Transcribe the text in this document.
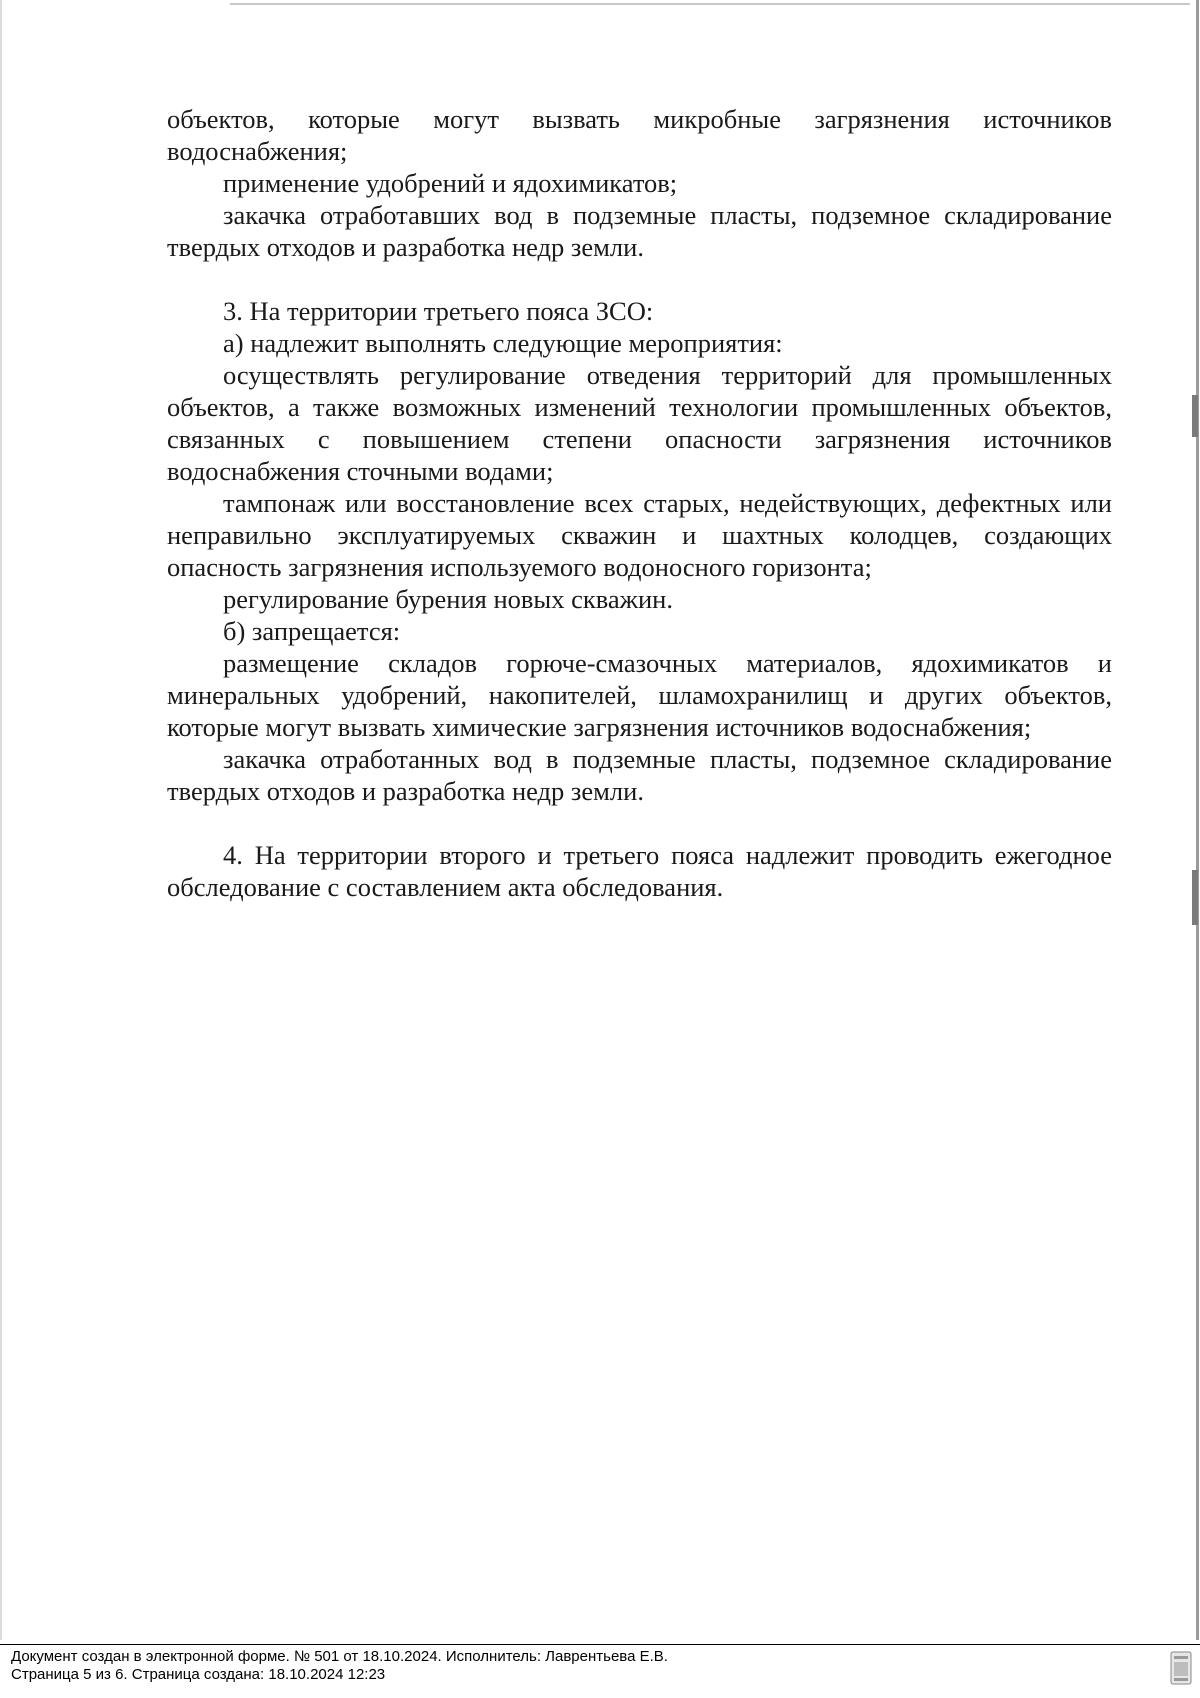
объектов, которые могут вызвать микробные загрязнения источников водоснабжения;

применение удобрений и ядохимикатов;

закачка отработавших вод в подземные пласты, подземное складирование твердых отходов и разработка недр земли.

3. На территории третьего пояса ЗСО:

а) надлежит выполнять следующие мероприятия:

осуществлять регулирование отведения территорий для промышленных объектов, а также возможных изменений технологии промышленных объектов, связанных с повышением степени опасности загрязнения источников водоснабжения сточными водами;

тампонаж или восстановление всех старых, недействующих, дефектных или неправильно эксплуатируемых скважин и шахтных колодцев, создающих опасность загрязнения используемого водоносного горизонта;

регулирование бурения новых скважин.

б) запрещается:

размещение складов горюче-смазочных материалов, ядохимикатов и минеральных удобрений, накопителей, шламохранилищ и других объектов, которые могут вызвать химические загрязнения источников водоснабжения;

закачка отработанных вод в подземные пласты, подземное складирование твердых отходов и разработка недр земли.

4. На территории второго и третьего пояса надлежит проводить ежегодное обследование с составлением акта обследования.

Документ создан в электронной форме. № 501 от 18.10.2024. Исполнитель: Лаврентьева Е.В.
Страница 5 из 6. Страница создана: 18.10.2024 12:23
